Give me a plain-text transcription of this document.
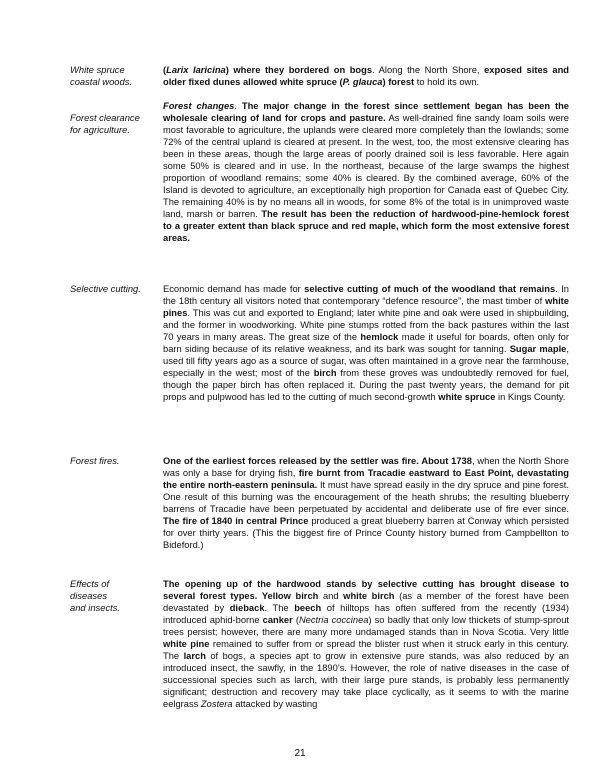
White spruce
coastal woods.

(Larix laricina) where they bordered on bogs. Along the North Shore, exposed sites and older fixed dunes allowed white spruce (P. glauca) forest to hold its own.

Forest clearance
for agriculture.

Forest changes. The major change in the forest since settlement began has been the wholesale clearing of land for crops and pasture. As well-drained fine sandy loam soils were most favorable to agriculture, the uplands were cleared more completely than the lowlands; some 72% of the central upland is cleared at present. In the west, too, the most extensive clearing has been in these areas, though the large areas of poorly drained soil is less favorable. Here again some 50% is cleared and in use. In the northeast, because of the large swamps the highest proportion of woodland remains; some 40% is cleared. By the combined average, 60% of the Island is devoted to agriculture, an exceptionally high proportion for Canada east of Quebec City. The remaining 40% is by no means all in woods, for some 8% of the total is in unimproved waste land, marsh or barren. The result has been the reduction of hardwood-pine-hemlock forest to a greater extent than black spruce and red maple, which form the most extensive forest areas.

Selective cutting.	Economic demand has made for selective cutting of much of the woodland that remains. In the 18th century all visitors noted that contemporary “defence resource”, the mast timber of white pines. This was cut and exported to England; later white pine and oak were used in shipbuilding, and the former in woodworking. White pine stumps rotted from the back pastures within the last 70 years in many areas. The great size of the hemlock made it useful for boards, often only for barn siding because of its relative weakness, and its bark was sought for tanning. Sugar maple, used till fifty years ago as a source of sugar, was often maintained in a grove near the farmhouse, especially in the west; most of the birch from these groves was undoubtedly removed for fuel, though the paper birch has often replaced it. During the past twenty years, the demand for pit props and pulpwood has led to the cutting of much second-growth white spruce in Kings County.

Forest fires.	One of the earliest forces released by the settler was fire. About 1738, when the North Shore was only a base for drying fish, fire burnt from Tracadie eastward to East Point, devastating the entire north-eastern peninsula. It must have spread easily in the dry spruce and pine forest. One result of this burning was the encouragement of the heath shrubs; the resulting blueberry barrens of Tracadie have been perpetuated by accidental and deliberate use of fire ever since. The fire of 1840 in central Prince produced a great blueberry barren at Conway which persisted for over thirty years. (This the biggest fire of Prince County history burned from Campbellton to Bideford.)

Effects of
diseases
and insects.

The opening up of the hardwood stands by selective cutting has brought disease to several forest types. Yellow birch and white birch (as a member of the forest have been devastated by dieback. The beech of hilltops has often suffered from the recently (1934) introduced aphid-borne canker (Nectria coccinea) so badly that only low thickets of stump-sprout trees persist; however, there are many more undamaged stands than in Nova Scotia. Very little white pine remained to suffer from or spread the blister rust when it struck early in this century. The larch of bogs, a species apt to grow in extensive pure stands, was also reduced by an introduced insect, the sawfly, in the 1890’s. However, the role of native diseases in the case of successional species such as larch, with their large pure stands, is probably less permanently significant; destruction and recovery may take place cyclically, as it seems to with the marine eelgrass Zostera attacked by wasting

21
